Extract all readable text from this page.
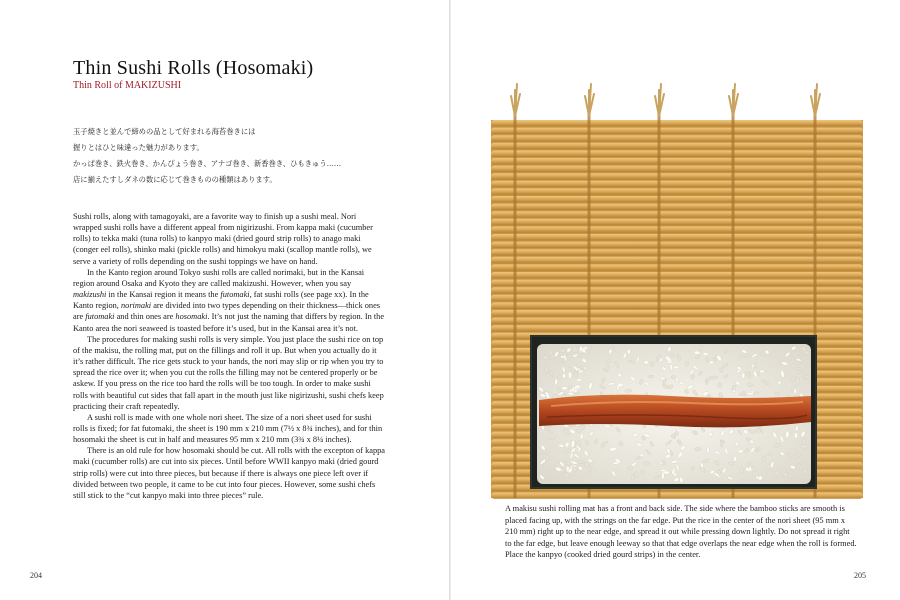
Thin Sushi Rolls (Hosomaki)
Thin Roll of MAKIZUSHI
玉子焼きと並んで締めの品として好まれる海苔巻きには
握りとはひと味違った魅力があります。
かっぱ巻き、鉄火巻き、かんぴょう巻き、アナゴ巻き、新香巻き、ひもきゅう……
店に揃えたすしダネの数に応じて巻きものの種類はあります。

Sushi rolls, along with tamagoyaki, are a favorite way to finish up a sushi meal. Nori wrapped sushi rolls have a different appeal from nigirizushi. From kappa maki (cucumber rolls) to tekka maki (tuna rolls) to kanpyo maki (dried gourd strip rolls) to anago maki (conger eel rolls), shinko maki (pickle rolls) and himokyu maki (scallop mantle rolls), we serve a variety of rolls depending on the sushi toppings we have on hand.

In the Kanto region around Tokyo sushi rolls are called norimaki, but in the Kansai region around Osaka and Kyoto they are called makizushi. However, when you say makizushi in the Kansai region it means the futomaki, fat sushi rolls (see page xx). In the Kanto region, norimaki are divided into two types depending on their thickness—thick ones are futomaki and thin ones are hosomaki. It’s not just the naming that differs by region. In the Kanto area the nori seaweed is toasted before it’s used, but in the Kansai area it’s not.

The procedures for making sushi rolls is very simple. You just place the sushi rice on top of the makisu, the rolling mat, put on the fillings and roll it up. But when you actually do it it’s rather difficult. The rice gets stuck to your hands, the nori may slip or rip when you try to spread the rice over it; when you cut the rolls the filling may not be centered properly or be askew. If you press on the rice too hard the rolls will be too tough. In order to make sushi rolls with beautiful cut sides that fall apart in the mouth just like nigirizushi, sushi chefs keep practicing their craft repeatedly.

A sushi roll is made with one whole nori sheet. The size of a nori sheet used for sushi rolls is fixed; for fat futomaki, the sheet is 190 mm x 210 mm (7½ x 8¾ inches), and for thin hosomaki the sheet is cut in half and measures 95 mm x 210 mm (3¾ x 8¼ inches).

There is an old rule for how hosomaki should be cut. All rolls with the excepton of kappa maki (cucumber rolls) are cut into six pieces. Until before WWII kanpyo maki (dried gourd strip rolls) were cut into three pieces, but because if there is always one piece left over if divided between two people, it came to be cut into four pieces. However, some sushi chefs still stick to the “cut kanpyo maki into three pieces” rule.

204
A makisu sushi rolling mat has a front and back side. The side where the bamboo sticks are smooth is placed facing up, with the strings on the far edge. Put the rice in the center of the nori sheet (95 mm x 210 mm) right up to the near edge, and spread it out while pressing down lightly. Do not spread it right to the far edge, but leave enough leeway so that that edge overlaps the near edge when the roll is formed. Place the kanpyo (cooked dried gourd strips) in the center.
205
